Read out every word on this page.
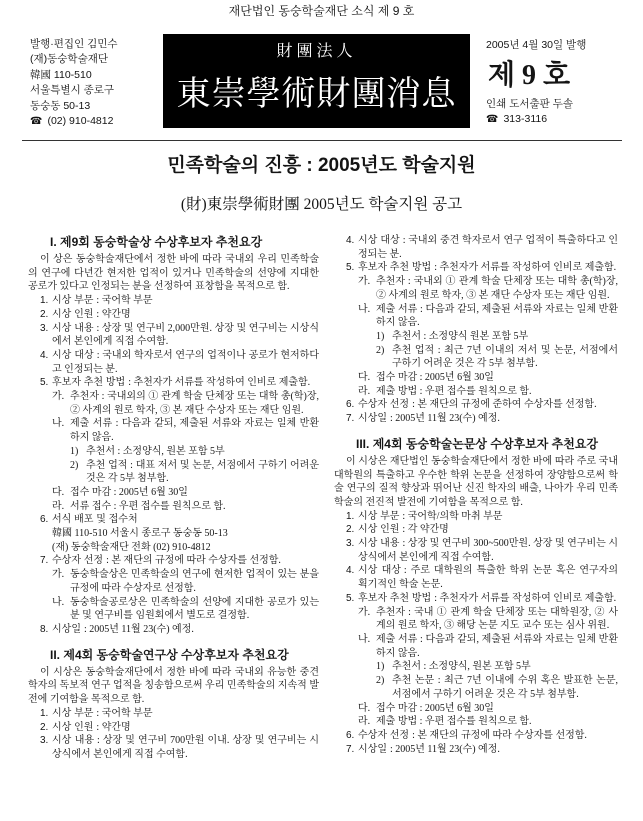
재단법인 동숭학술재단 소식 제 9 호
발행·편집인 김민수
(재)동숭학술재단
韓國 110-510
서울특별시 종로구
동숭동 50-13
☎ (02) 910-4812
財團法人
東崇學術財團消息
2005년 4월 30일 발행
제 9 호
인쇄 도서출판 두솔
☎ 313-3116
민족학술의 진흥 : 2005년도 학술지원
(財)東崇學術財團 2005년도 학술지원 공고
I. 제9회 동숭학술상 수상후보자 추천요강

이 상은 동숭학술재단에서 정한 바에 따라 국내외 우리 민족학술의 연구에 다년간 현저한 업적이 있거나 민족학술의 선양에 지대한 공로가 있다고 인정되는 분을 선정하여 표창함을 목적으로 함.

1. 시상 부문 : 국어학 부문
2. 시상 인원 : 약간명
3. 시상 내용 : 상장 및 연구비 2,000만원. 상장 및 연구비는 시상식에서 본인에게 직접 수여함.
4. 시상 대상 : 국내외 학자로서 연구의 업적이나 공로가 현저하다고 인정되는 분.
5. 후보자 추천 방법 : 추천자가 서류를 작성하여 인비로 제출함.
가. 추천자 : 국내외의 ① 관계 학술 단체장 또는 대학 총(학)장, ② 사계의 원로 학자, ③ 본 재단 수상자 또는 재단 임원.
나. 제출 서류 : 다음과 같되, 제출된 서류와 자료는 일체 반환하지 않음.
1) 추천서 : 소정양식, 원본 포함 5부
2) 추천 업적 : 대표 저서 및 논문, 서점에서 구하기 어려운 것은 각 5부 첨부함.
다. 접수 마감 : 2005년 6월 30일
라. 서류 접수 : 우편 접수를 원칙으로 함.
6. 서식 배포 및 접수처
韓國 110-510 서울시 종로구 동숭동 50-13
(재) 동숭학술재단 전화 (02) 910-4812
7. 수상자 선정 : 본 재단의 규정에 따라 수상자를 선정함.
가. 동숭학술상은 민족학술의 연구에 현저한 업적이 있는 분을 규정에 따라 수상자로 선정함.
나. 동숭학술공로상은 민족학술의 선양에 지대한 공로가 있는 분 및 연구비를 임원회에서 별도로 결정함.
8. 시상일 : 2005년 11월 23(수) 예정.
II. 제4회 동숭학술연구상 수상후보자 추천요강

이 시상은 동숭학술재단에서 정한 바에 따라 국내외 유능한 중견 학자의 독보적 연구 업적을 칭송함으로써 우리 민족학술의 지속적 발전에 기여함을 목적으로 함.

1. 시상 부문 : 국어학 부문
2. 시상 인원 : 약간명
3. 시상 내용 : 상장 및 연구비 700만원 이내. 상장 및 연구비는 시상식에서 본인에게 직접 수여함.
4. 시상 대상 : 국내외 중견 학자로서 연구 업적이 특출하다고 인정되는 분.
5. 후보자 추천 방법 : 추천자가 서류를 작성하여 인비로 제출함.
가. 추천자 : 국내외 ① 관계 학술 단체장 또는 대학 총(학)장, ② 사계의 원로 학자, ③ 본 재단 수상자 또는 재단 임원.
나. 제출 서류 : 다음과 같되, 제출된 서류와 자료는 일체 반환하지 않음.
1) 추천서 : 소정양식 원본 포함 5부
2) 추천 업적 : 최근 7년 이내의 저서 및 논문, 서점에서 구하기 어려운 것은 각 5부 첨부함.
다. 접수 마감 : 2005년 6월 30일
라. 제출 방법 : 우편 접수를 원칙으로 함.
6. 수상자 선정 : 본 재단의 규정에 준하여 수상자를 선정함.
7. 시상일 : 2005년 11월 23(수) 예정.
III. 제4회 동숭학술논문상 수상후보자 추천요강

이 시상은 재단법인 동숭학술재단에서 정한 바에 따라 주로 국내 대학원의 특출하고 우수한 학위 논문을 선정하여 장양함으로써 학술 연구의 질적 향상과 뛰어난 신진 학자의 배출, 나아가 우리 민족학술의 전진적 발전에 기여함을 목적으로 함.

1. 시상 부문 : 국어학/의학 마취 부문
2. 시상 인원 : 각 약간명
3. 시상 내용 : 상장 및 연구비 300~500만원. 상장 및 연구비는 시상식에서 본인에게 직접 수여함.
4. 시상 대상 : 주로 대학원의 특출한 학위 논문 혹은 연구자의 획기적인 학술 논문.
5. 후보자 추천 방법 : 추천자가 서류를 작성하여 인비로 제출함.
가. 추천자 : 국내 ① 관계 학술 단체장 또는 대학원장, ② 사계의 원로 학자, ③ 해당 논문 지도 교수 또는 심사 위원.
나. 제출 서류 : 다음과 같되, 제출된 서류와 자료는 일체 반환하지 않음.
1) 추천서 : 소정양식, 원본 포함 5부
2) 추천 논문 : 최근 7년 이내에 수위 혹은 발표한 논문, 서점에서 구하기 어려운 것은 각 5부 첨부함.
다. 접수 마감 : 2005년 6월 30일
라. 제출 방법 : 우편 접수를 원칙으로 함.
6. 수상자 선정 : 본 재단의 규정에 따라 수상자를 선정함.
7. 시상일 : 2005년 11월 23(수) 예정.
